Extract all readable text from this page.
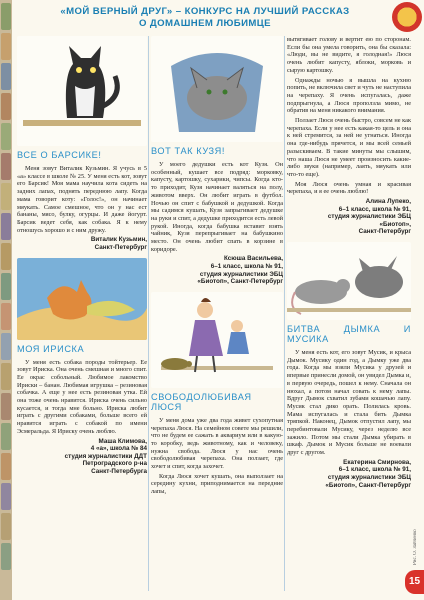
«МОЙ ВЕРНЫЙ ДРУГ» – КОНКУРС НА ЛУЧШИЙ РАССКАЗ
О ДОМАШНЕМ ЛЮБИМЦЕ
ВСЕ О БАРСИКЕ!

Меня зовут Виталик Кузьмин. Я учусь в 5 «а» классе в школе № 25. У меня есть кот, зовут его Барсик! Моя мама научила кота сидеть на задних лапах, поднять переднюю лапу. Когда мама говорит коту: «Голос!», он начинает мяукать. Самое смешное, что он у нас ест бананы, мясо, булку, огурцы. И даже йогурт. Барсик ведет себя, как собака. Я к нему отношусь хорошо и с ним дружу.

Виталик Кузьмин,
Санкт-Петербург
МОЯ ИРИСКА

У меня есть собака породы тойтерьер. Ее зовут Ириска. Она очень смешная и много спит. Ее окрас собольный. Любимое лакомство Ириски – банан. Любимая игрушка – резиновая собачка. А еще у нее есть резиновая утка. Ей она тоже очень нравится. Ириска очень сильно кусается, и тогда мне больно. Ириска любит играть с другими собаками, больше всего ей нравится играть с собакой по имени Эсмеральда. Я Ириску очень люблю.

Маша Климова,
4 «а», школа № 84
студия журналистики ДДТ
Петроградского р-на
Санкт-Петербурга
ВОТ ТАК КУЗЯ!

У моего дедушки есть кот Кузя. Он особенный, кушает все подряд: морковку, капусту, картошку, сухарики, чипсы. Когда кто-то приходит, Кузя начинает валяться на полу, животом вверх. Он любит играть в футбол. Ночью он спит с бабушкой и дедушкой. Когда мы садимся кушать, Кузя запрыгивает дедушке на руки и спит, а дедушке приходится есть левой рукой. Иногда, когда бабушка вставит взять чайник, Кузя перепрыгивает на бабушкино место. Он очень любит спать в корзине в коридоре.

Ксюша Васильева,
6–1 класс, школа № 91,
студия журналистики ЭБЦ
«Биотоп», Санкт-Петербург
СВОБОДОЛЮБИВАЯ ЛЮСЯ

У меня дома уже два года живет сухопутная черепаха Люся. На семейном совете мы решили, что не будем ее сажать в аквариум или в какую-то коробку, ведь животному, как и человеку, нужна свобода. Люся у нас очень свободолюбивая черепаха. Она ползает, где хочет и спит, когда захочет.

Когда Люся хочет кушать, она выползает на середину кухни, приподнимается на передние лапы,

вытягивает голову и вертит ею по сторонам. Если бы она умела говорить, она бы сказала: «Люди, вы не видите, я голодная!» Люся очень любит капусту, яблоки, морковь и сырую картошку.

Однажды ночью я вышла на кухню попить, не включила свет и чуть не наступила на черепаху. Я очень испугалась, даже подпрыгнула, а Люся проползла мимо, не обратив на меня никакого внимания.

Ползает Люся очень быстро, совсем не как черепаха. Если у нее есть какая-то цель и она к ней стремится, за ней не угнаться. Иногда она где-нибудь прячется, и мы всей семьей разыскиваем. В такие минуты мы слышим, что наша Люся не умеет произносить какие-либо звуки (например, лаять, мяукать или что-то еще).

Моя Люся очень умная и красивая черепаха, и я ее очень люблю!

Алина Лупеко,
6–1 класс, школа № 91,
студия журналистики ЭБЦ
«Биотоп»,
Санкт-Петербург
БИТВА ДЫМКА И МУСИКА

У меня есть кот, его зовут Мусик, и крыса Дымок. Мусику один год, а Дымку уже два года. Когда мы взяли Мусика у друзей и впервые принесли домой, он увидел Дымка и, в первую очередь, пошел к нему. Сначала он нюхал, а потом начал совать к нему лапы. Вдруг Дымок схватил зубами кошачью лапу. Мусик стал дико орать. Полилась кровь. Мама испугалась и стала бить Дымка тряпкой. Наконец, Дымок отпустил лапу, мы перебинтовали Мусику, через неделю все зажило. Потом мы стали Дымка убирать в шкаф. Дымок и Мусик больше не воевали друг с другом.

Екатерина Смирнова,
6–1 класс, школа № 91,
студия журналистики ЭБЦ
«Биотоп», Санкт-Петербург
Рис. О. Зайченко
15
